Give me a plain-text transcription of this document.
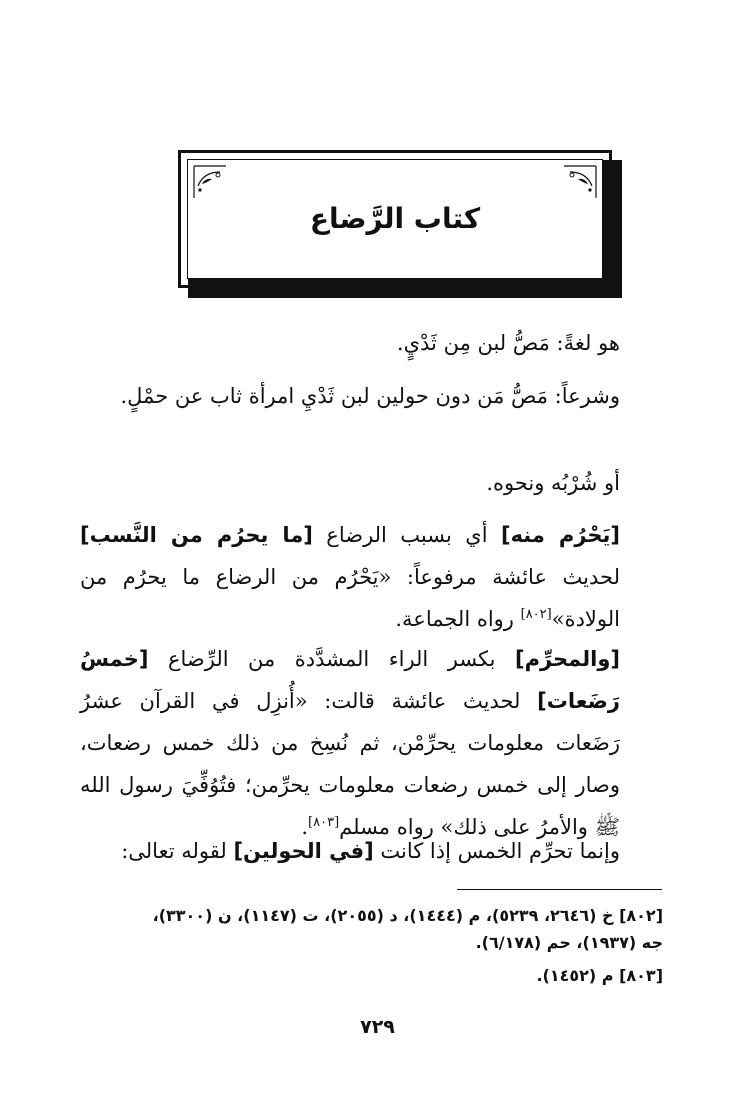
كتاب الرَّضاع

هو لغةً: مَصُّ لبن مِن ثَدْيٍ.

وشرعاً: مَصُّ مَن دون حولين لبن ثَدْيِ امرأة ثاب عن حمْلٍ.

أو شُرْبُه ونحوه.

[يَحْرُم منه] أي بسبب الرضاع [ما يحرُم من النَّسب] لحديث عائشة مرفوعاً: «يَحْرُم من الرضاع ما يحرُم من الولادة»[٨٠٢] رواه الجماعة.

[والمحرِّم] بكسر الراء المشدَّدة من الرِّضاع [خمسُ رَضَعات] لحديث عائشة قالت: «أُنزِل في القرآن عشرُ رَضَعات معلومات يحرِّمْن، ثم نُسِخ من ذلك خمس رضعات، وصار إلى خمس رضعات معلومات يحرِّمن؛ فتُوُفِّيَ رسول الله ﷺ والأمرُ على ذلك» رواه مسلم[٨٠٣].

وإنما تحرِّم الخمس إذا كانت [في الحولين] لقوله تعالى:

[٨٠٢] خ (٢٦٤٦، ٥٢٣٩)، م (١٤٤٤)، د (٢٠٥٥)، ت (١١٤٧)، ن (٣٣٠٠)،
جه (١٩٣٧)، حم (٦/١٧٨).
[٨٠٣] م (١٤٥٢).
٧٢٩
